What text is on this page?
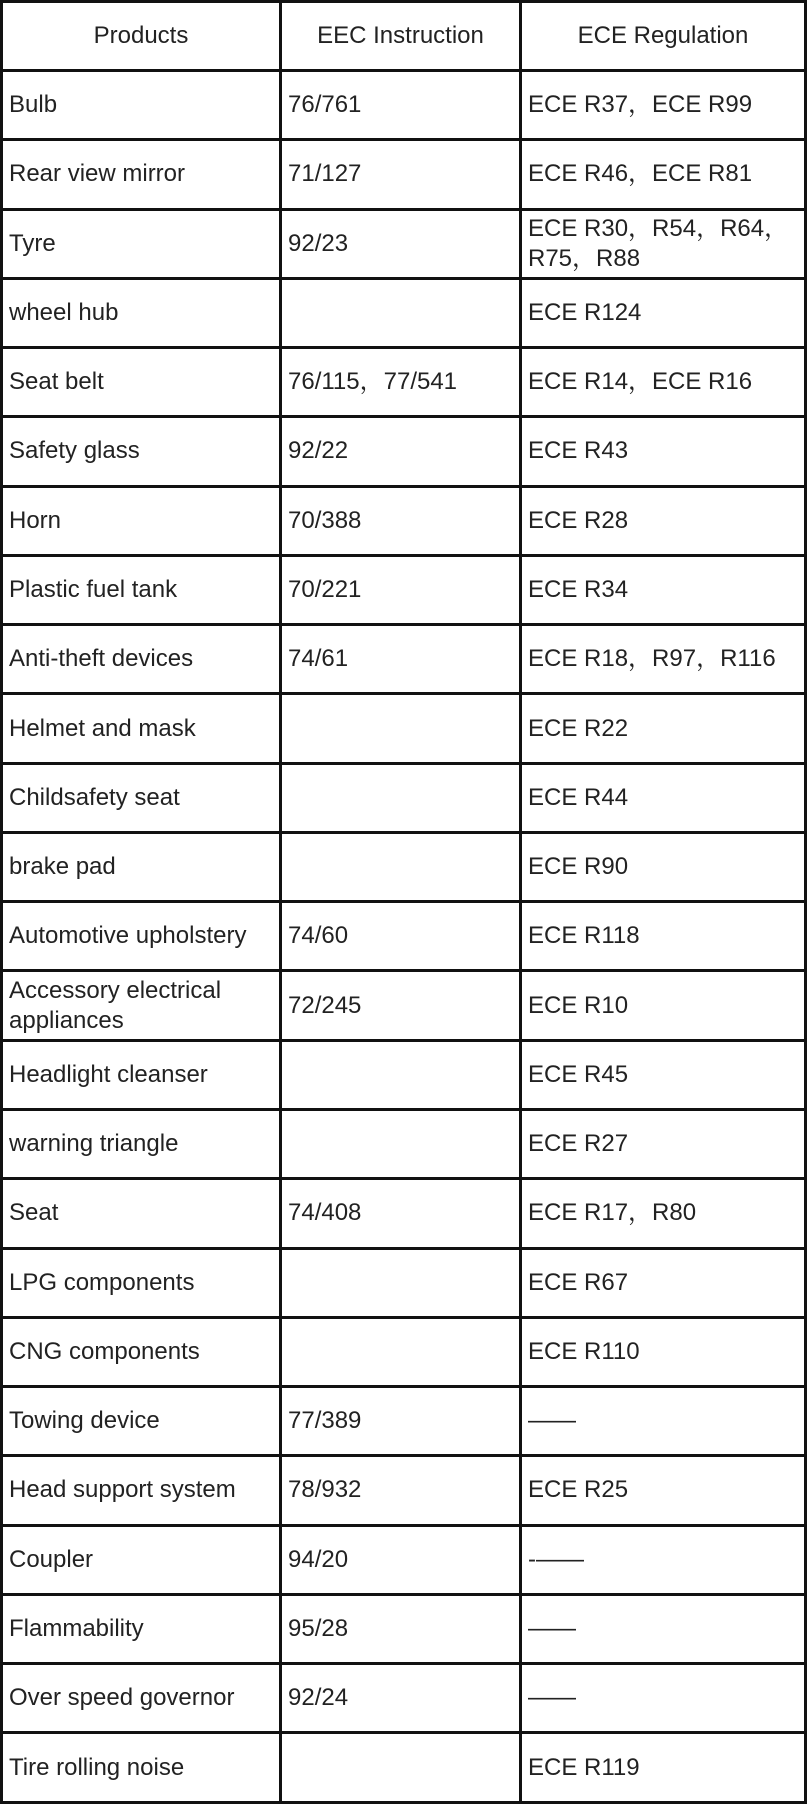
Products	EEC Instruction	ECE Regulation
Bulb	76/761	ECE R37，ECE R99
Rear view mirror	71/127	ECE R46，ECE R81
Tyre	92/23	ECE R30，R54，R64，R75，R88
wheel hub		ECE R124
Seat belt	76/115，77/541	ECE R14，ECE R16
Safety glass	92/22	ECE R43
Horn	70/388	ECE R28
Plastic fuel tank	70/221	ECE R34
Anti-theft devices	74/61	ECE R18，R97，R116
Helmet and mask		ECE R22
Childsafety seat		ECE R44
brake pad		ECE R90
Automotive upholstery	74/60	ECE R118
Accessory electrical appliances	72/245	ECE R10
Headlight cleanser		ECE R45
warning triangle		ECE R27
Seat	74/408	ECE R17，R80
LPG components		ECE R67
CNG components		ECE R110
Towing device	77/389	——
Head support system	78/932	ECE R25
Coupler	94/20	-——
Flammability	95/28	——
Over speed governor	92/24	——
Tire rolling noise		ECE R119
